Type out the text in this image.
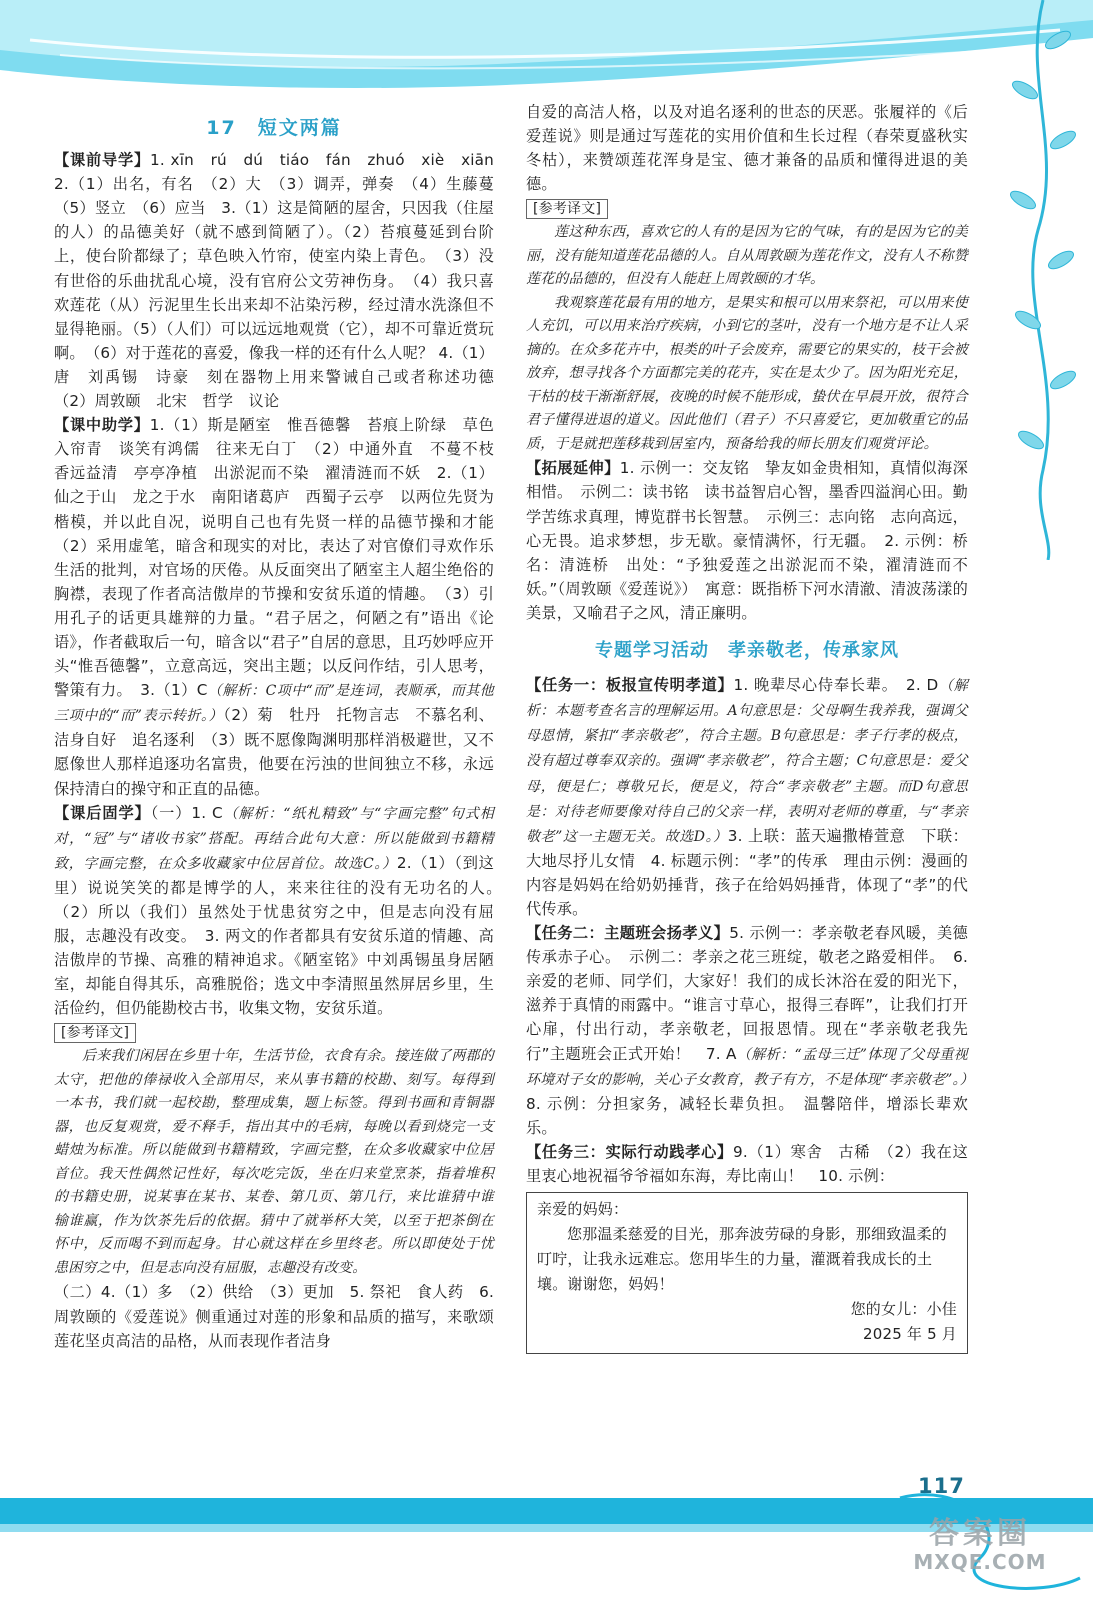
17　短文两篇

【课前导学】1. xīn　rú　dú　tiáo　fán　zhuó　xiè　xiān 2.（1）出名，有名　（2）大　（3）调弄，弹奏　（4）生藤蔓　（5）竖立　（6）应当　3.（1）这是简陋的屋舍，只因我（住屋的人）的品德美好（就不感到简陋了）。（2）苔痕蔓延到台阶上，使台阶都绿了；草色映入竹帘，使室内染上青色。　（3）没有世俗的乐曲扰乱心境，没有官府公文劳神伤身。　（4）我只喜欢莲花（从）污泥里生长出来却不沾染污秽，经过清水洗涤但不显得艳丽。（5）（人们）可以远远地观赏（它），却不可靠近赏玩啊。　（6）对于莲花的喜爱，像我一样的还有什么人呢？ 4.（1）唐　刘禹锡　诗豪　刻在器物上用来警诫自己或者称述功德　（2）周敦颐　北宋　哲学　议论

【课中助学】1.（1）斯是陋室　惟吾德馨　苔痕上阶绿　草色入帘青　谈笑有鸿儒　往来无白丁　（2）中通外直　不蔓不枝　香远益清　亭亭净植　出淤泥而不染　濯清涟而不妖　2.（1）仙之于山　龙之于水　南阳诸葛庐　西蜀子云亭　以两位先贤为楷模，并以此自况，说明自己也有先贤一样的品德节操和才能　（2）采用虚笔，暗含和现实的对比，表达了对官僚们寻欢作乐生活的批判，对官场的厌倦。从反面突出了陋室主人超尘绝俗的胸襟，表现了作者高洁傲岸的节操和安贫乐道的情趣。　（3）引用孔子的话更具雄辩的力量。“君子居之，何陋之有”语出《论语》，作者截取后一句，暗含以“君子”自居的意思，且巧妙呼应开头“惟吾德馨”，立意高远，突出主题；以反问作结，引人思考，警策有力。　3.（1）C（解析：C项中“而”是连词，表顺承，而其他三项中的“而”表示转折。）（2）菊　牡丹　托物言志　不慕名利、洁身自好　追名逐利　（3）既不愿像陶渊明那样消极避世，又不愿像世人那样追逐功名富贵，他要在污浊的世间独立不移，永远保持清白的操守和正直的品德。

【课后固学】（一）1. C（解析：“纸札精致”与“字画完整”句式相对，“冠”与“诸收书家”搭配。再结合此句大意：所以能做到书籍精致，字画完整，在众多收藏家中位居首位。故选C。）2.（1）（到这里）说说笑笑的都是博学的人，来来往往的没有无功名的人。　（2）所以（我们）虽然处于忧患贫穷之中，但是志向没有屈服，志趣没有改变。　3. 两文的作者都具有安贫乐道的情趣、高洁傲岸的节操、高雅的精神追求。《陋室铭》中刘禹锡虽身居陋室，却能自得其乐，高雅脱俗；选文中李清照虽然屏居乡里，生活俭约，但仍能勘校古书，收集文物，安贫乐道。

[参考译文]

后来我们闲居在乡里十年，生活节俭，衣食有余。接连做了两郡的太守，把他的俸禄收入全部用尽，来从事书籍的校勘、刻写。每得到一本书，我们就一起校勘，整理成集，题上标签。得到书画和青铜器器，也反复观赏，爱不释手，指出其中的毛病，每晚以看到烧完一支蜡烛为标准。所以能做到书籍精致，字画完整，在众多收藏家中位居首位。我天性偶然记性好，每次吃完饭，坐在归来堂烹茶，指着堆积的书籍史册，说某事在某书、某卷、第几页、第几行，来比谁猜中谁输谁赢，作为饮茶先后的依据。猜中了就举杯大笑，以至于把茶倒在怀中，反而喝不到而起身。甘心就这样在乡里终老。所以即使处于忧患困穷之中，但是志向没有屈服，志趣没有改变。

（二）4.（1）多　（2）供给　（3）更加　5. 祭祀　食人药　6. 周敦颐的《爱莲说》侧重通过对莲的形象和品质的描写，来歌颂莲花坚贞高洁的品格，从而表现作者洁身

自爱的高洁人格，以及对追名逐利的世态的厌恶。张履祥的《后爱莲说》则是通过写莲花的实用价值和生长过程（春荣夏盛秋实冬枯），来赞颂莲花浑身是宝、德才兼备的品质和懂得进退的美德。

[参考译文]

莲这种东西，喜欢它的人有的是因为它的气味，有的是因为它的美丽，没有能知道莲花品德的人。自从周敦颐为莲花作文，没有人不称赞莲花的品德的，但没有人能赶上周敦颐的才华。

我观察莲花最有用的地方，是果实和根可以用来祭祀，可以用来使人充饥，可以用来治疗疾病，小到它的茎叶，没有一个地方是不让人采摘的。在众多花卉中，根类的叶子会废弃，需要它的果实的，枝干会被放弃，想寻找各个方面都完美的花卉，实在是太少了。因为阳光充足，干枯的枝干渐渐舒展，夜晚的时候不能形成，蛰伏在早晨开放，很符合君子懂得进退的道义。因此他们（君子）不只喜爱它，更加敬重它的品质，于是就把莲移栽到居室内，预备给我的师长朋友们观赏评论。

【拓展延伸】1. 示例一：交友铭　挚友如金贵相知，真情似海深相惜。　示例二：读书铭　读书益智启心智，墨香四溢润心田。勤学苦练求真理，博览群书长智慧。　示例三：志向铭　志向高远，心无畏。追求梦想，步无歇。豪情满怀，行无疆。　2. 示例：桥名：清涟桥　出处：“予独爱莲之出淤泥而不染，濯清涟而不妖。”（周敦颐《爱莲说》）　寓意：既指桥下河水清澈、清波荡漾的美景，又喻君子之风，清正廉明。

专题学习活动　孝亲敬老，传承家风

【任务一：板报宣传明孝道】1. 晚辈尽心侍奉长辈。　2. D（解析：本题考查名言的理解运用。A句意思是：父母啊生我养我，强调父母恩情，紧扣“孝亲敬老”，符合主题。B句意思是：孝子行孝的极点，没有超过尊奉双亲的。强调“孝亲敬老”，符合主题；C句意思是：爱父母，便是仁；尊敬兄长，便是义，符合“孝亲敬老”主题。而D句意思是：对待老师要像对待自己的父亲一样，表明对老师的尊重，与“孝亲敬老”这一主题无关。故选D。）3. 上联：蓝天遍撒椿萱意　下联：大地尽抒儿女情　4. 标题示例：“孝”的传承　理由示例：漫画的内容是妈妈在给奶奶捶背，孩子在给妈妈捶背，体现了“孝”的代代传承。

【任务二：主题班会扬孝义】5. 示例一：孝亲敬老春风暖，美德传承赤子心。　示例二：孝亲之花三班绽，敬老之路爱相伴。　6. 亲爱的老师、同学们，大家好！我们的成长沐浴在爱的阳光下，滋养于真情的雨露中。“谁言寸草心，报得三春晖”，让我们打开心扉，付出行动，孝亲敬老，回报恩情。现在“孝亲敬老我先行”主题班会正式开始！　7. A（解析：“孟母三迁”体现了父母重视环境对子女的影响，关心子女教育，教子有方，不是体现“孝亲敬老”。）8. 示例：分担家务，减轻长辈负担。　温馨陪伴，增添长辈欢乐。

【任务三：实际行动践孝心】9.（1）寒舍　古稀　（2）我在这里衷心地祝福爷爷福如东海，寿比南山！　10. 示例：

亲爱的妈妈：
您那温柔慈爱的目光，那奔波劳碌的身影，那细致温柔的叮咛，让我永远难忘。您用毕生的力量，灌溉着我成长的土壤。谢谢您，妈妈！
您的女儿：小佳
2025 年 5 月
117
答案圈
MXQE.COM
